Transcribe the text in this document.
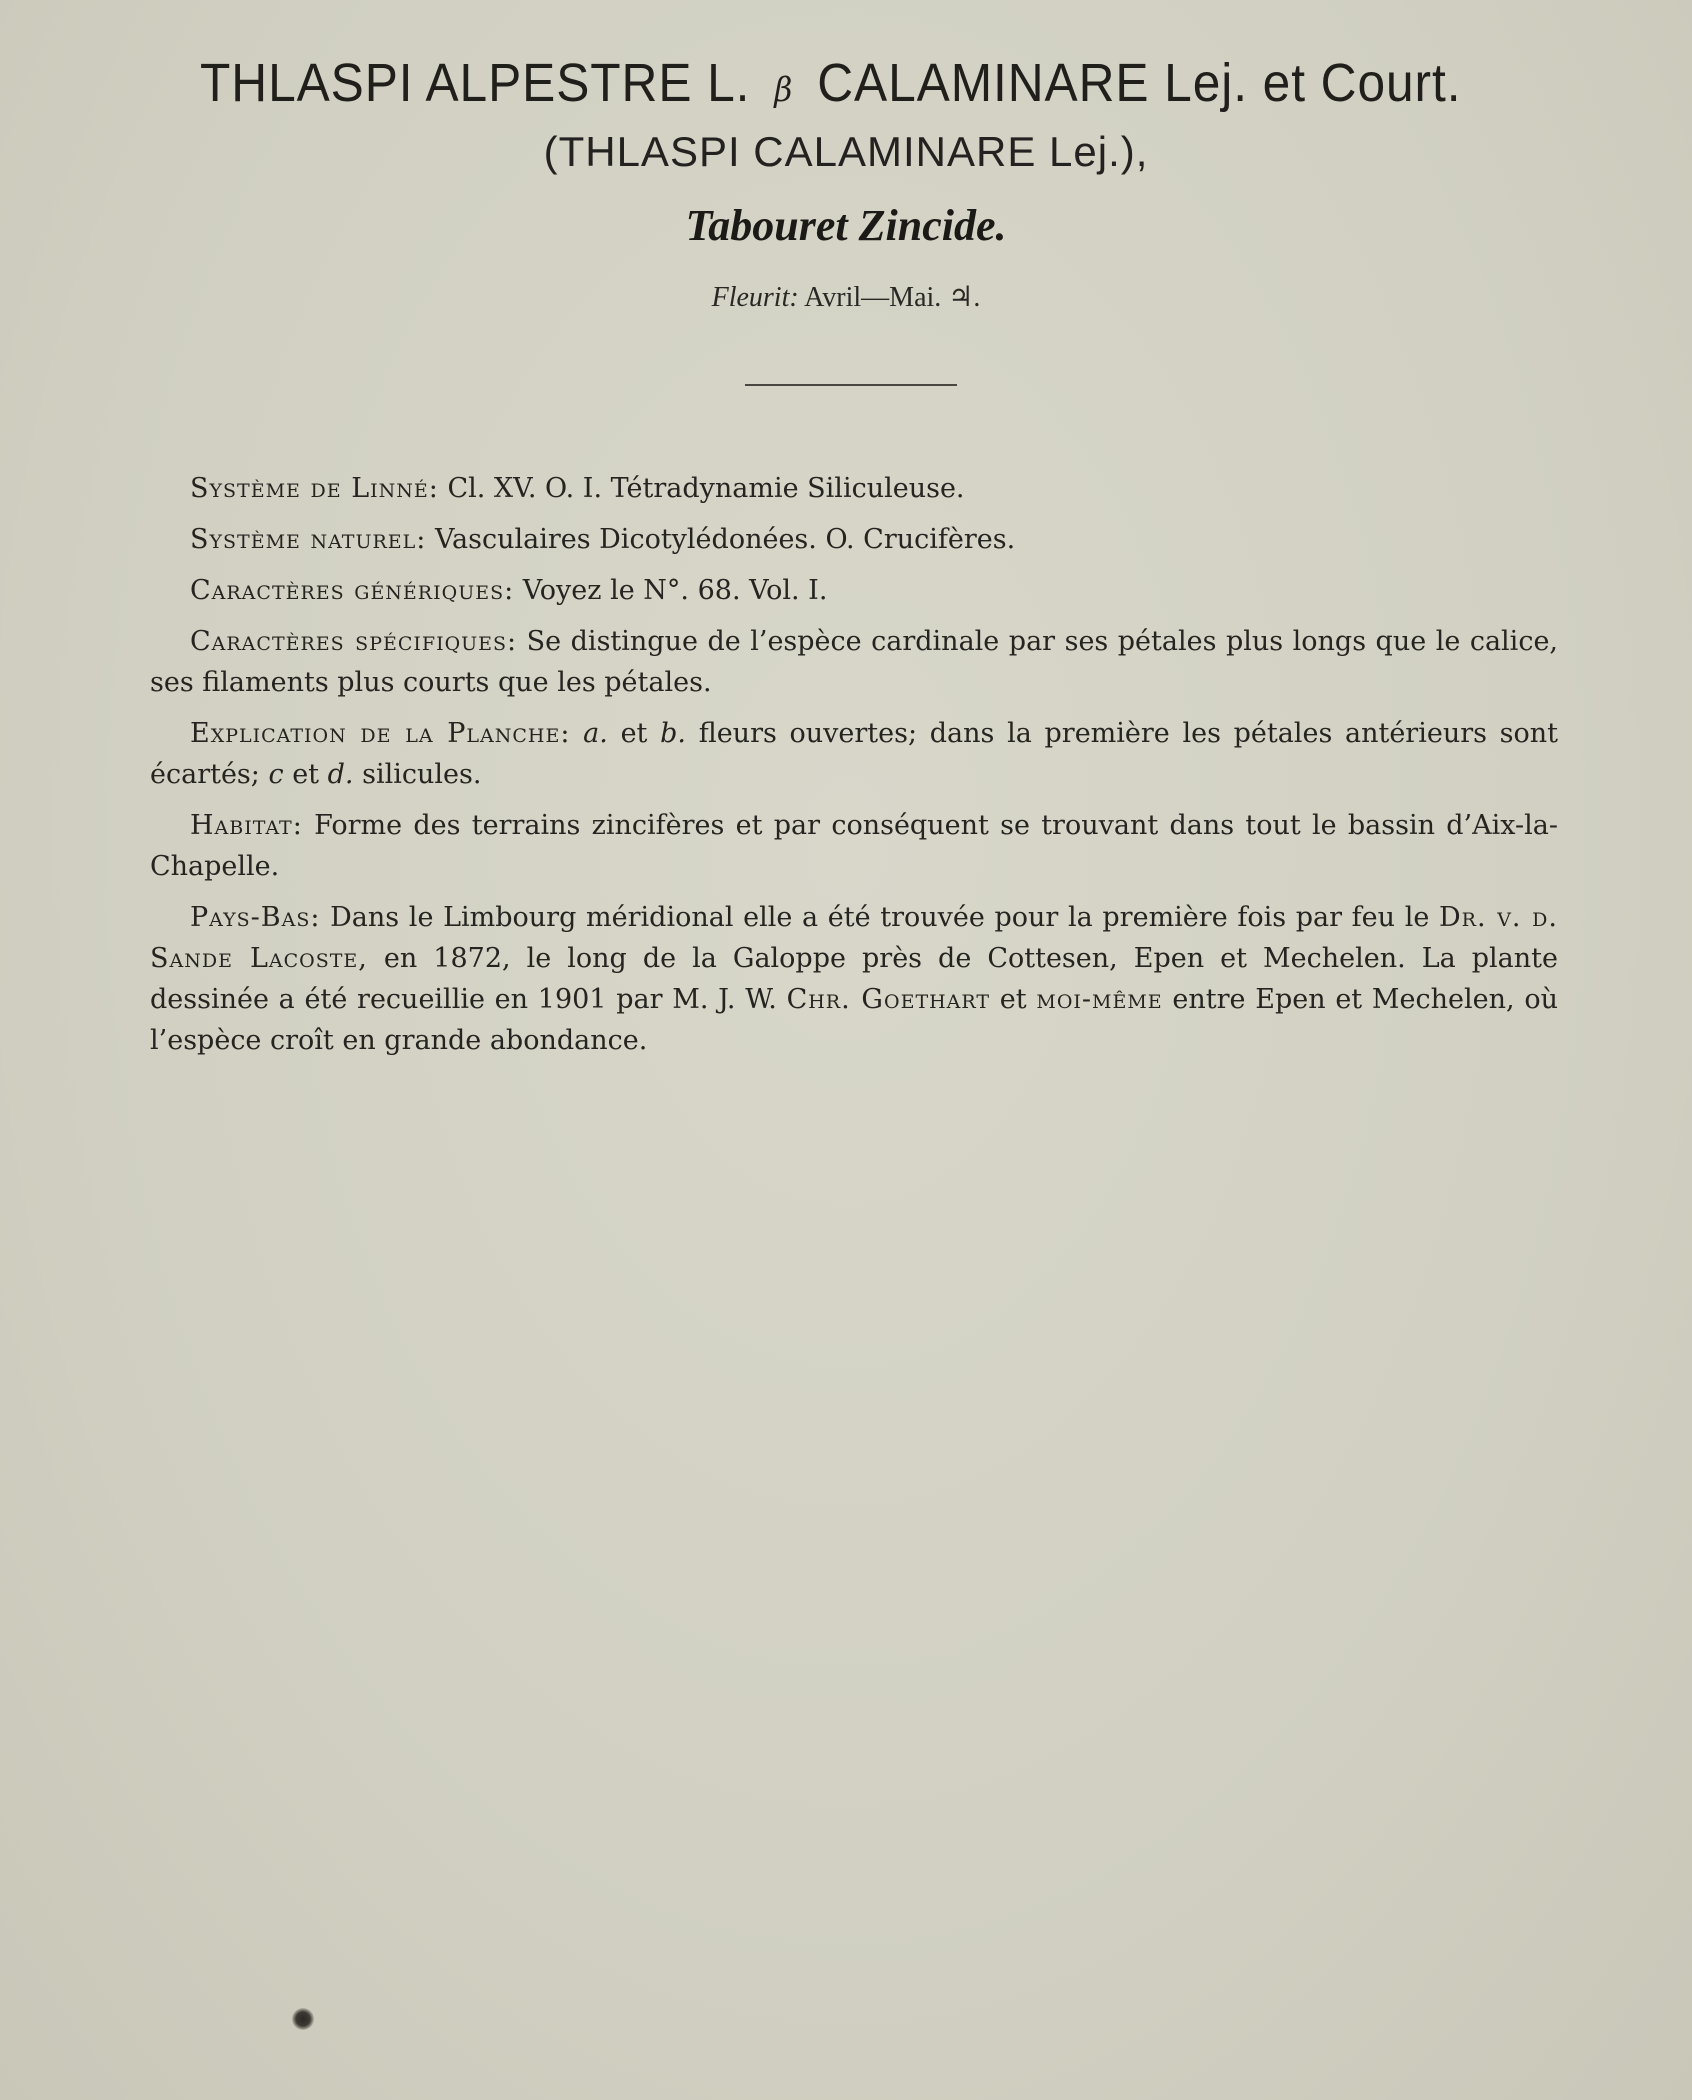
THLASPI ALPESTRE L. β CALAMINARE Lej. et Court.
(THLASPI CALAMINARE Lej.),
Tabouret Zincide.
Fleurit: Avril—Mai. ♃.

Système de Linné: Cl. XV. O. I. Tétradynamie Siliculeuse.

Système naturel: Vasculaires Dicotylédonées. O. Crucifères.

Caractères génériques: Voyez le N°. 68. Vol. I.

Caractères spécifiques: Se distingue de l’espèce cardinale par ses pétales plus longs que le calice, ses filaments plus courts que les pétales.

Explication de la Planche: a. et b. fleurs ouvertes; dans la première les pétales antérieurs sont écartés; c et d. silicules.

Habitat: Forme des terrains zincifères et par conséquent se trouvant dans tout le bassin d’Aix-la-Chapelle.

Pays-Bas: Dans le Limbourg méridional elle a été trouvée pour la première fois par feu le Dr. v. d. Sande Lacoste, en 1872, le long de la Galoppe près de Cottesen, Epen et Mechelen. La plante dessinée a été recueillie en 1901 par M. J. W. Chr. Goethart et moi-même entre Epen et Mechelen, où l’espèce croît en grande abondance.
